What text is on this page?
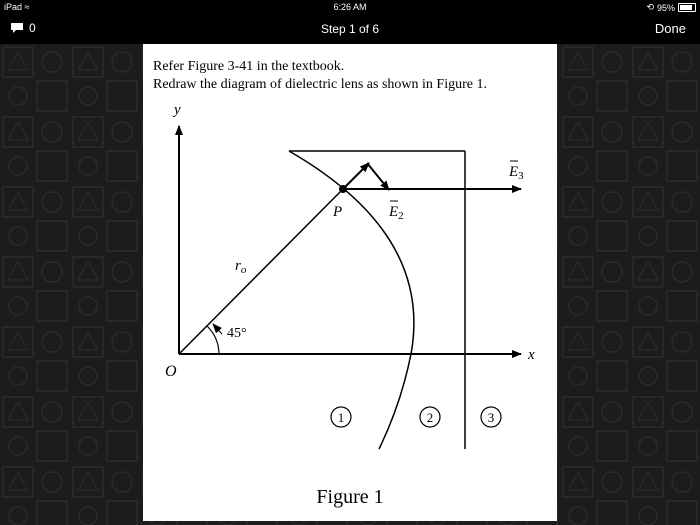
iPad ≈	6:26 AM	⟲ 95%
0	Step 1 of 6	Done
Refer Figure 3-41 in the textbook.
Redraw the diagram of dielectric lens as shown in Figure 1.
y
x
O
$r_o$
45°
P	$E_2$
$E_3$
1	2	3
Figure 1
